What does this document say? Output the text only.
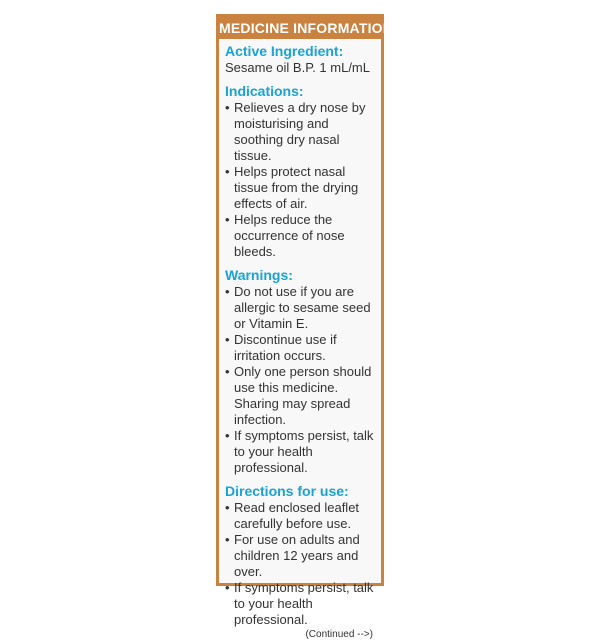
MEDICINE INFORMATION

Active Ingredient:

Sesame oil B.P. 1 mL/mL

Indications:

• Relieves a dry nose by moisturising and soothing dry nasal tissue.
• Helps protect nasal tissue from the drying effects of air.
• Helps reduce the occurrence of nose bleeds.

Warnings:

• Do not use if you are allergic to sesame seed or Vitamin E.
• Discontinue use if irritation occurs.
• Only one person should use this medicine. Sharing may spread infection.
• If symptoms persist, talk to your health professional.

Directions for use:

• Read enclosed leaflet carefully before use.
• For use on adults and children 12 years and over.
• If symptoms persist, talk to your health professional.
(Continued -->)
